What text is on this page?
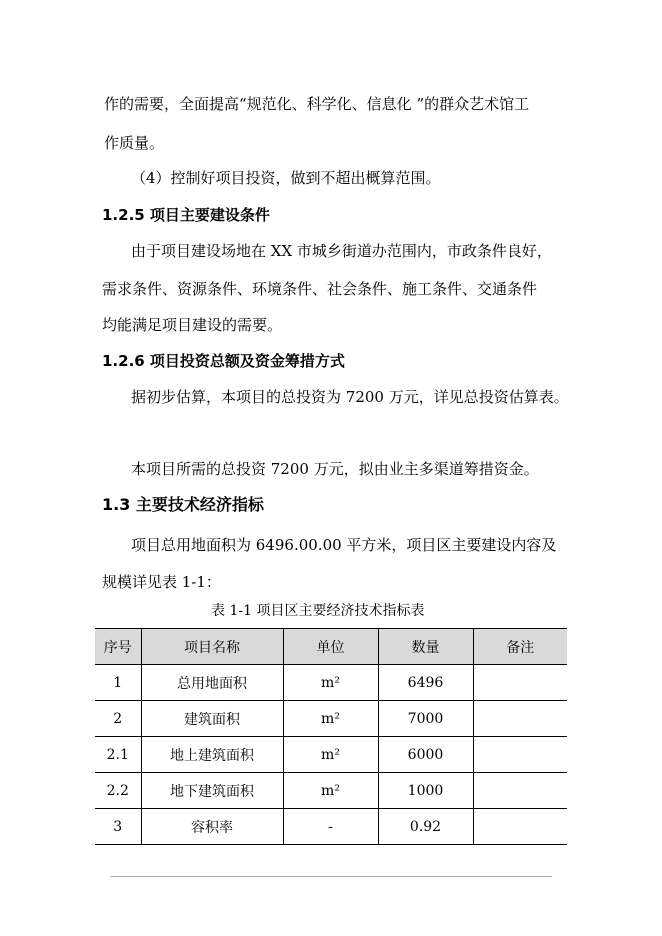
作的需要，全面提高“规范化、科学化、信息化 ”的群众艺术馆工
作质量。
（4）控制好项目投资，做到不超出概算范围。
1.2.5 项目主要建设条件
由于项目建设场地在 XX 市城乡街道办范围内，市政条件良好，
需求条件、资源条件、环境条件、社会条件、施工条件、交通条件
均能满足项目建设的需要。
1.2.6 项目投资总额及资金筹措方式
据初步估算，本项目的总投资为 7200 万元，详见总投资估算表。
本项目所需的总投资 7200 万元，拟由业主多渠道筹措资金。
1.3 主要技术经济指标
项目总用地面积为 6496.00.00 平方米，项目区主要建设内容及
规模详见表 1-1：
表 1-1 项目区主要经济技术指标表
序号	项目名称	单位	数量	备注
1	总用地面积	m²	6496	
2	建筑面积	m²	7000	
2.1	地上建筑面积	m²	6000	
2.2	地下建筑面积	m²	1000	
3	容积率	-	0.92	
